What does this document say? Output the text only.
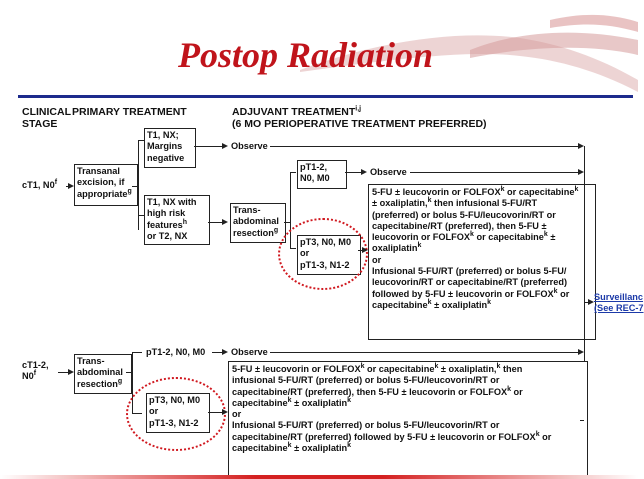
Postop Radiation
CLINICAL
STAGE
PRIMARY TREATMENT	ADJUVANT TREATMENT$^{i,j}$
(6 MO PERIOPERATIVE TREATMENT PREFERRED)
cT1, N0$^f$
Transanal
excision, if
appropriate$^g$
T1, NX;
Margins
negative
Observe
T1, NX with
high risk
features$^h$
or T2, NX
Trans-
abdominal
resection$^g$
pT1-2,
N0, M0
Observe
pT3, N0, M0
or
pT1-3, N1-2
5-FU ± leucovorin or FOLFOX$^k$ or capecitabine$^k$
± oxaliplatin,$^k$ then infusional 5-FU/RT
(preferred) or bolus 5-FU/leucovorin/RT or
capecitabine/RT (preferred), then 5-FU ±
leucovorin or FOLFOX$^k$ or capecitabine$^k$ ±
oxaliplatin$^k$
or
Infusional 5-FU/RT (preferred) or bolus 5-FU/
leucovorin/RT or capecitabine/RT (preferred)
followed by 5-FU ± leucovorin or FOLFOX$^k$ or
capecitabine$^k$ ± oxaliplatin$^k$
Surveillanc
(See REC-7
cT1-2,
N0$^f$
Trans-
abdominal
resection$^g$
pT1-2, N0, M0	Observe
pT3, N0, M0
or
pT1-3, N1-2
5-FU ± leucovorin or FOLFOX$^k$ or capecitabine$^k$ ± oxaliplatin,$^k$ then
infusional 5-FU/RT (preferred) or bolus 5-FU/leucovorin/RT or
capecitabine/RT (preferred), then 5-FU ± leucovorin or FOLFOX$^k$ or
capecitabine$^k$ ± oxaliplatin$^k$
or
Infusional 5-FU/RT (preferred) or bolus 5-FU/leucovorin/RT or
capecitabine/RT (preferred) followed by 5-FU ± leucovorin or FOLFOX$^k$ or
capecitabine$^k$ ± oxaliplatin$^k$
